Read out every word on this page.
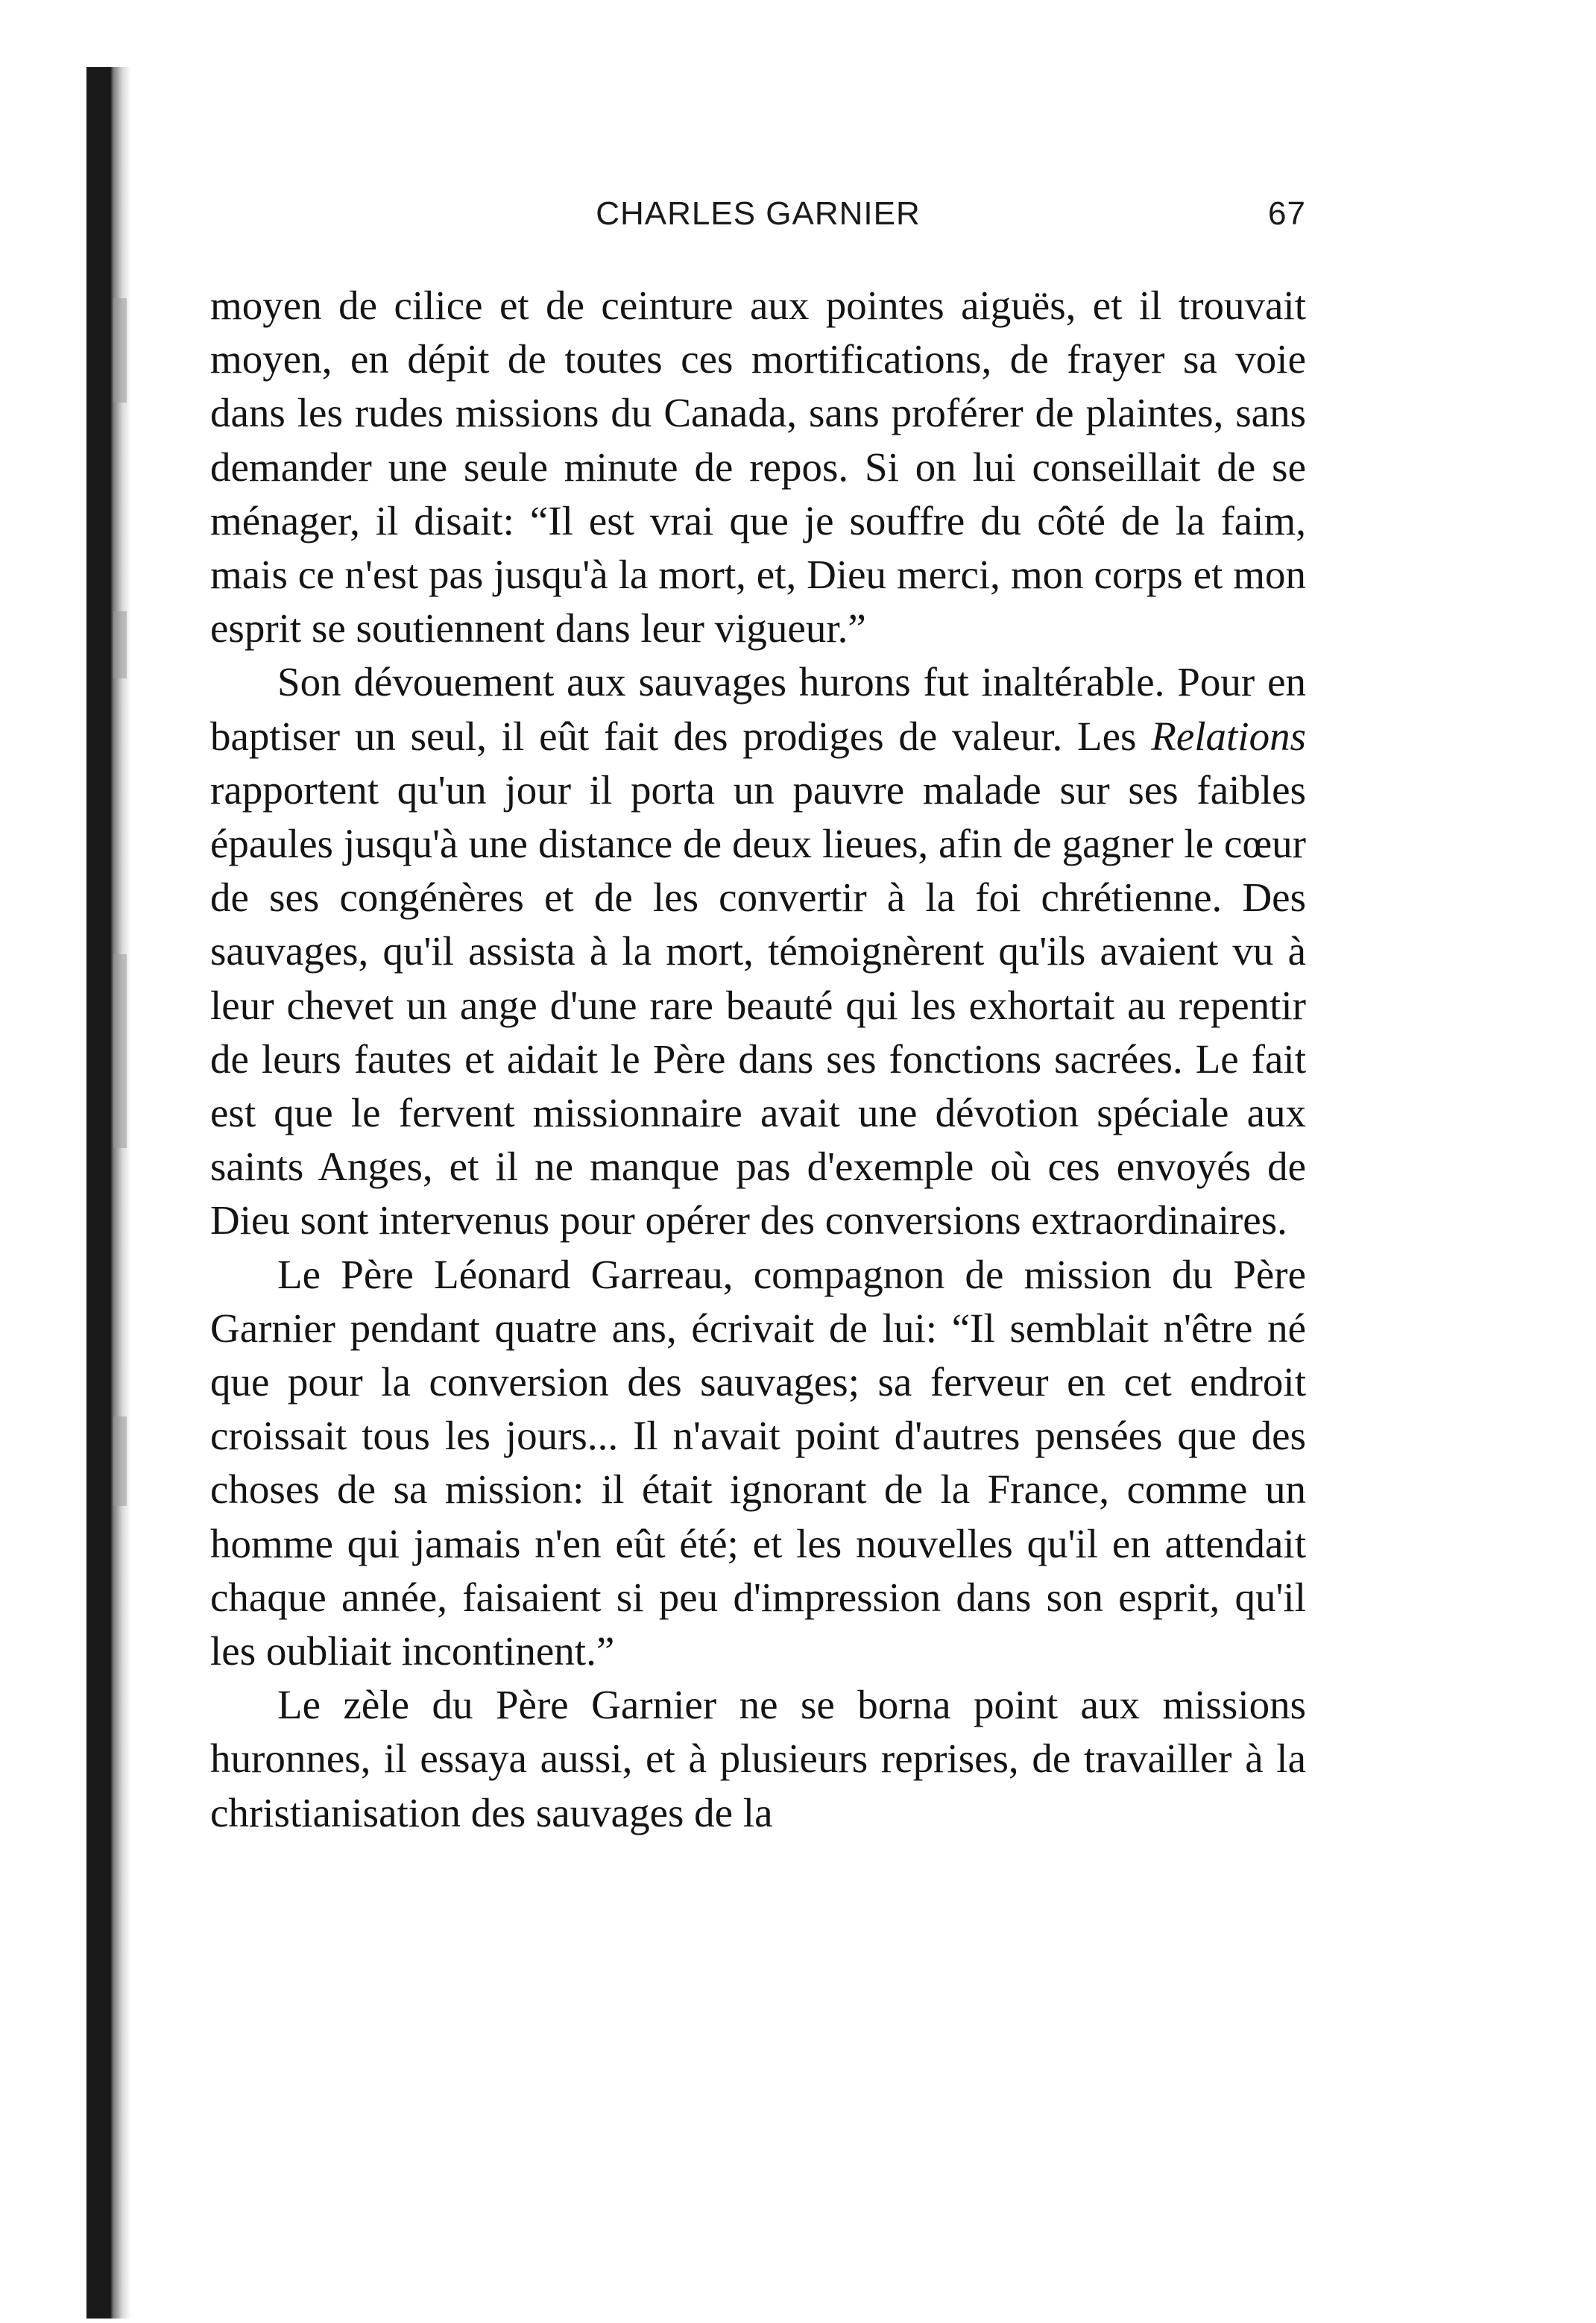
CHARLES GARNIER	67

moyen de cilice et de ceinture aux pointes aiguës, et il trouvait moyen, en dépit de toutes ces mortifications, de frayer sa voie dans les rudes missions du Canada, sans proférer de plaintes, sans demander une seule minute de repos. Si on lui conseillait de se ménager, il disait: “Il est vrai que je souffre du côté de la faim, mais ce n'est pas jusqu'à la mort, et, Dieu merci, mon corps et mon esprit se soutiennent dans leur vigueur.”

Son dévouement aux sauvages hurons fut inaltérable. Pour en baptiser un seul, il eût fait des prodiges de valeur. Les Relations rapportent qu'un jour il porta un pauvre malade sur ses faibles épaules jusqu'à une distance de deux lieues, afin de gagner le cœur de ses congénères et de les convertir à la foi chrétienne. Des sauvages, qu'il assista à la mort, témoignèrent qu'ils avaient vu à leur chevet un ange d'une rare beauté qui les exhortait au repentir de leurs fautes et aidait le Père dans ses fonctions sacrées. Le fait est que le fervent missionnaire avait une dévotion spéciale aux saints Anges, et il ne manque pas d'exemple où ces envoyés de Dieu sont intervenus pour opérer des conversions extraordinaires.

Le Père Léonard Garreau, compagnon de mission du Père Garnier pendant quatre ans, écrivait de lui: “Il semblait n'être né que pour la conversion des sauvages; sa ferveur en cet endroit croissait tous les jours... Il n'avait point d'autres pensées que des choses de sa mission: il était ignorant de la France, comme un homme qui jamais n'en eût été; et les nouvelles qu'il en attendait chaque année, faisaient si peu d'impression dans son esprit, qu'il les oubliait incontinent.”

Le zèle du Père Garnier ne se borna point aux missions huronnes, il essaya aussi, et à plusieurs reprises, de travailler à la christianisation des sauvages de la
